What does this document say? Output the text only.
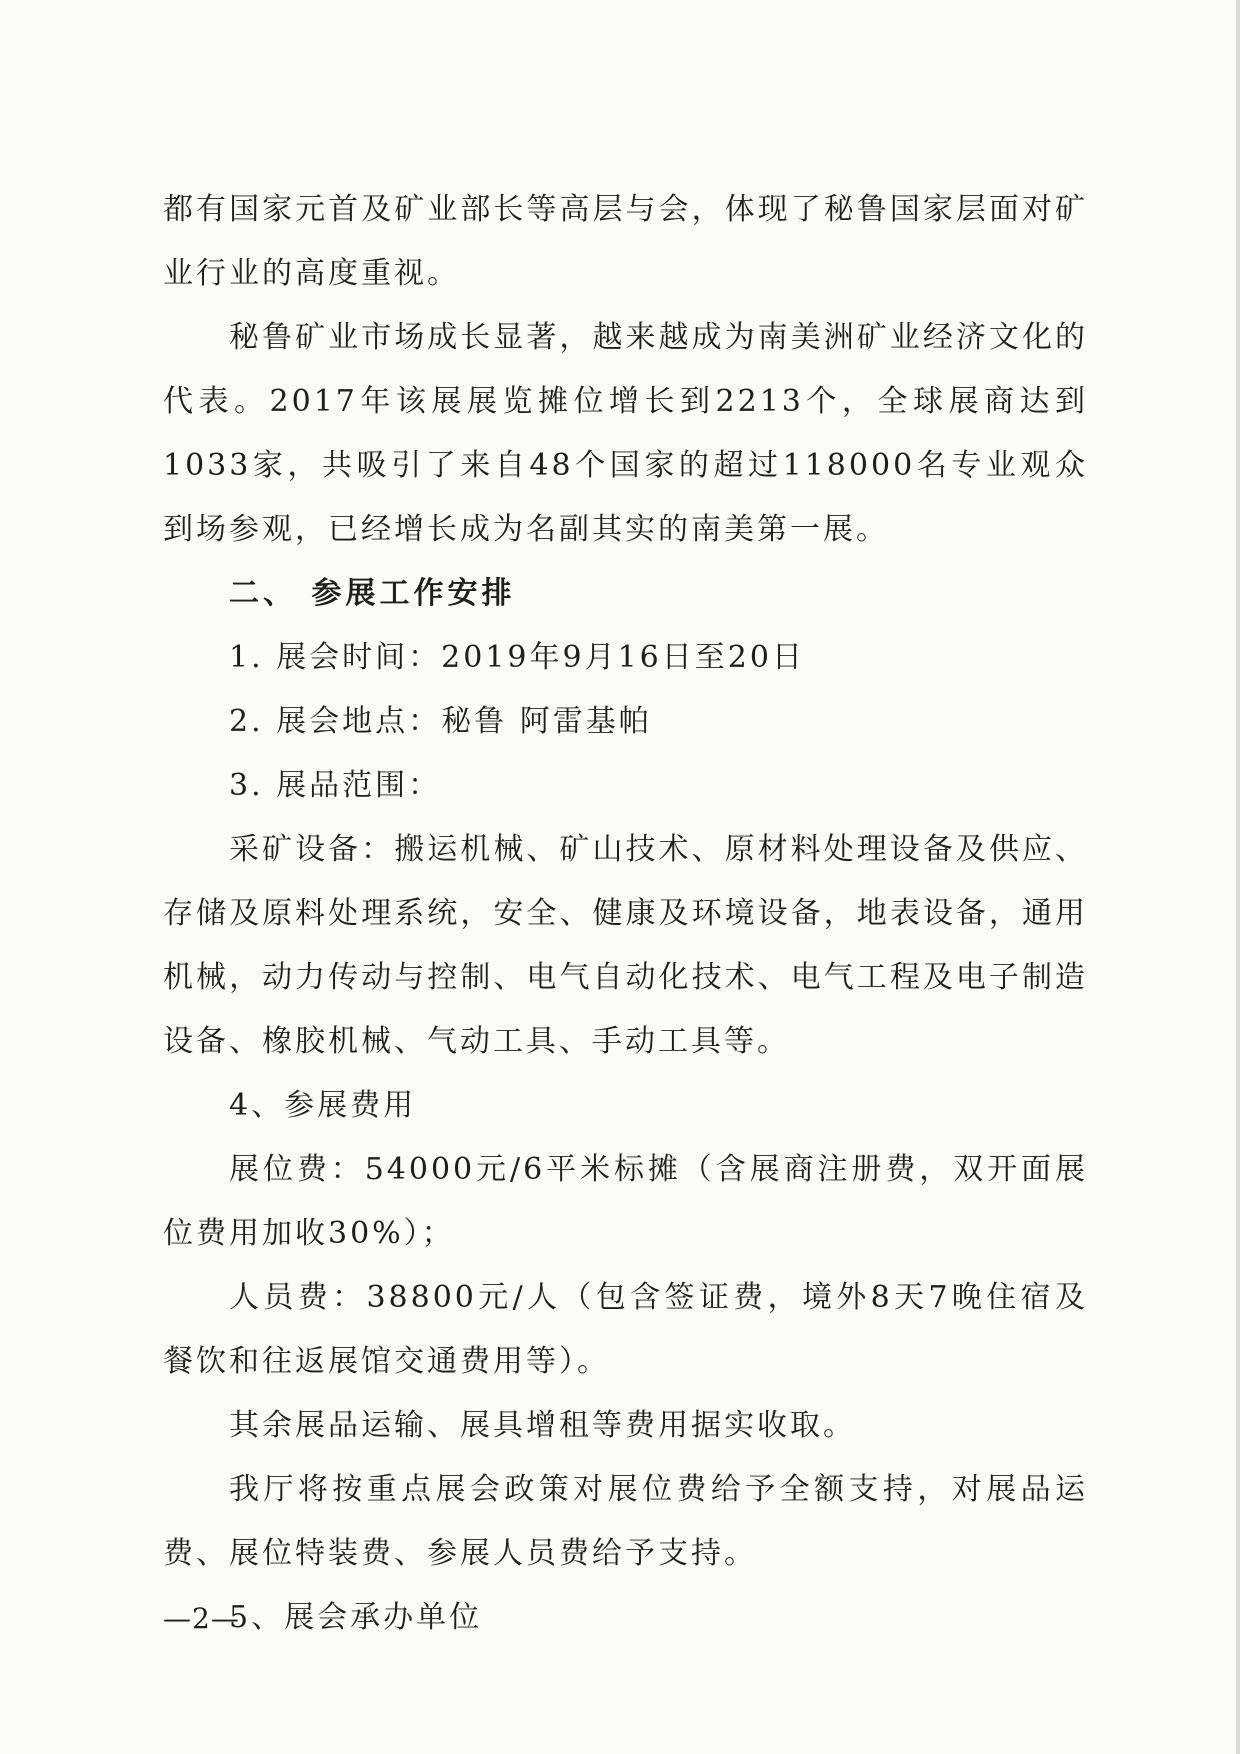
都有国家元首及矿业部长等高层与会，体现了秘鲁国家层面对矿业行业的高度重视。

秘鲁矿业市场成长显著，越来越成为南美洲矿业经济文化的代表。2017年该展展览摊位增长到2213个，全球展商达到1033家，共吸引了来自48个国家的超过118000名专业观众到场参观，已经增长成为名副其实的南美第一展。

二、 参展工作安排

1. 展会时间：2019年9月16日至20日

2. 展会地点：秘鲁 阿雷基帕

3. 展品范围：

采矿设备：搬运机械、矿山技术、原材料处理设备及供应、存储及原料处理系统，安全、健康及环境设备，地表设备，通用机械，动力传动与控制、电气自动化技术、电气工程及电子制造设备、橡胶机械、气动工具、手动工具等。

4、参展费用

展位费：54000元/6平米标摊（含展商注册费，双开面展位费用加收30%）；

人员费：38800元/人（包含签证费，境外8天7晚住宿及餐饮和往返展馆交通费用等）。

其余展品运输、展具增租等费用据实收取。

我厅将按重点展会政策对展位费给予全额支持，对展品运费、展位特装费、参展人员费给予支持。

5、展会承办单位

—2—
